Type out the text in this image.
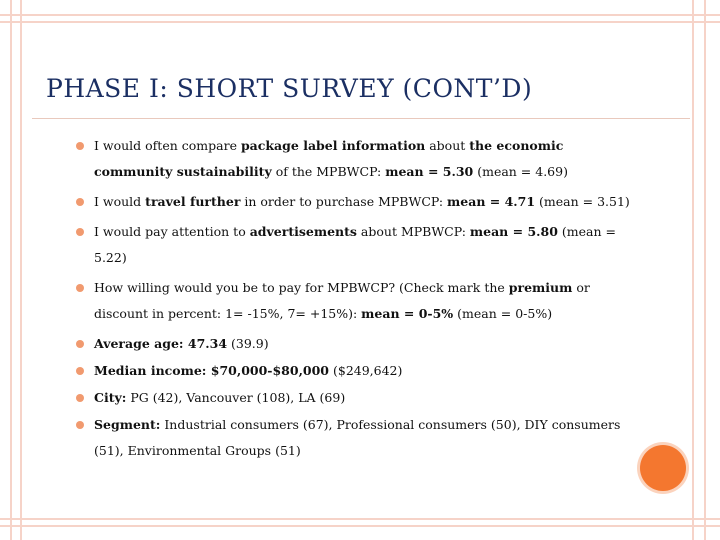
PHASE I: SHORT SURVEY (CONT’D)
I would often compare package label information about the economic community sustainability of the MPBWCP: mean = 5.30 (mean = 4.69)
I would travel further in order to purchase MPBWCP: mean = 4.71 (mean = 3.51)
I would pay attention to advertisements about MPBWCP: mean = 5.80 (mean = 5.22)
How willing would you be to pay for MPBWCP? (Check mark the premium or discount in percent: 1= -15%, 7= +15%): mean = 0-5% (mean = 0-5%)
Average age: 47.34 (39.9)
Median income: $70,000-$80,000 ($249,642)
City: PG (42), Vancouver (108), LA (69)
Segment: Industrial consumers (67), Professional consumers (50), DIY consumers (51), Environmental Groups (51)
